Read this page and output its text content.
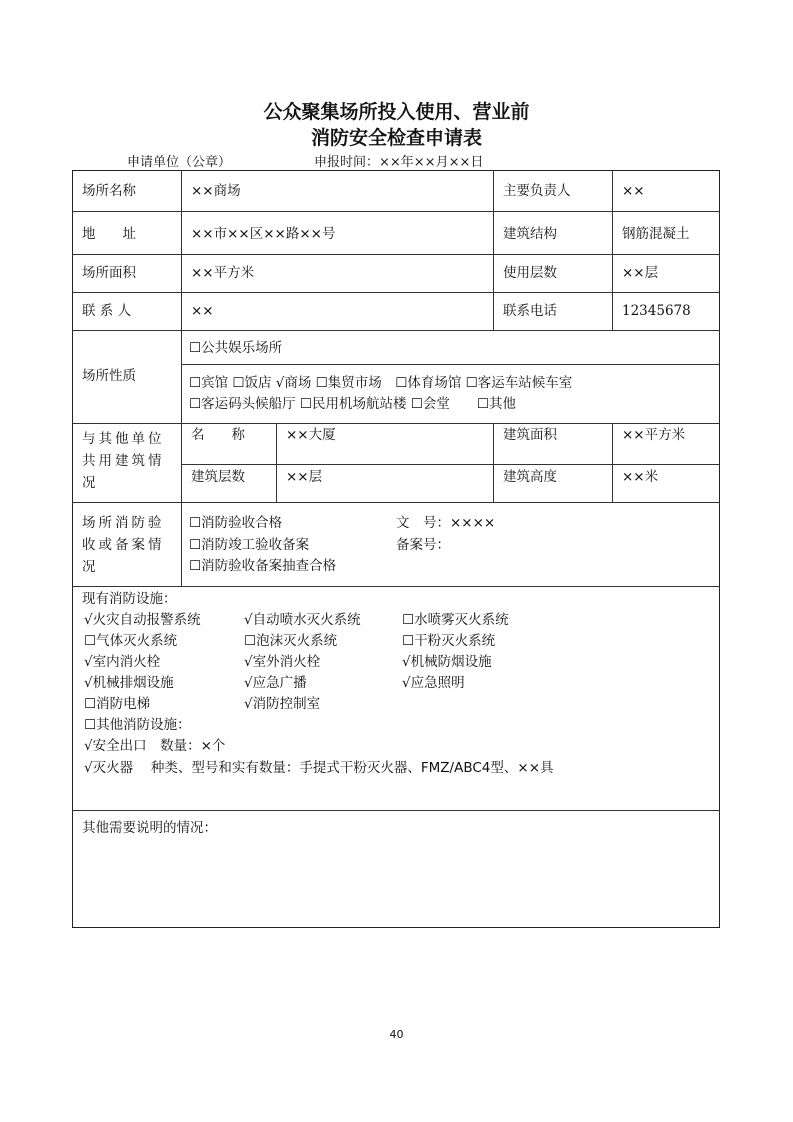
公众聚集场所投入使用、营业前
消防安全检查申请表
申请单位（公章）	申报时间：××年××月××日
场所名称	××商场	主要负责人	××
地　　址	××市××区××路××号	建筑结构	钢筋混凝土
场所面积	××平方米	使用层数	××层
联 系 人	××	联系电话	12345678
场所性质
☐公共娱乐场所
☐宾馆 ☐饭店 √商场 ☐集贸市场　☐体育场馆 ☐客运车站候车室
☐客运码头候船厅 ☐民用机场航站楼 ☐会堂　　☐其他
与其他单位
共用建筑情
况
名　　称	××大厦	建筑面积	××平方米
建筑层数	××层	建筑高度	××米
场所消防验
收或备案情
况
☐消防验收合格	文　号：××××
☐消防竣工验收备案	备案号：
☐消防验收备案抽查合格
现有消防设施：
√火灾自动报警系统	√自动喷水灭火系统	☐水喷雾灭火系统
☐气体灭火系统	☐泡沫灭火系统	☐干粉灭火系统
√室内消火栓	√室外消火栓	√机械防烟设施
√机械排烟设施	√应急广播	√应急照明
☐消防电梯	√消防控制室
☐其他消防设施：
√安全出口　数量：×个
√灭火器　 种类、型号和实有数量：手提式干粉灭火器、FMZ/ABC4型、××具
其他需要说明的情况：
40
